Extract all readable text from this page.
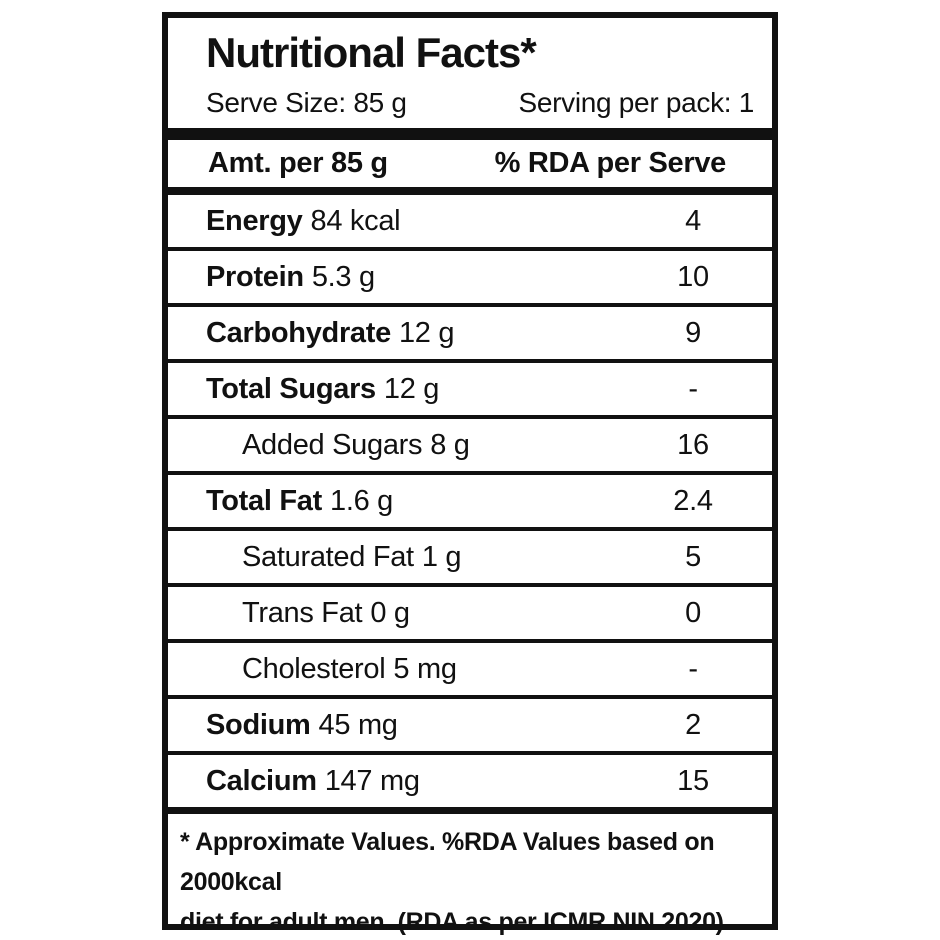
Nutritional Facts*
Serve Size: 85 g	Serving per pack: 1
Amt. per 85 g	% RDA per Serve
Energy 84 kcal	4
Protein 5.3 g	10
Carbohydrate 12 g	9
Total Sugars 12 g	-
Added Sugars 8 g	16
Total Fat 1.6 g	2.4
Saturated Fat 1 g	5
Trans Fat 0 g	0
Cholesterol 5 mg	-
Sodium 45 mg	2
Calcium 147 mg	15
* Approximate Values. %RDA Values based on 2000kcal
diet for adult men. (RDA as per ICMR NIN 2020)
